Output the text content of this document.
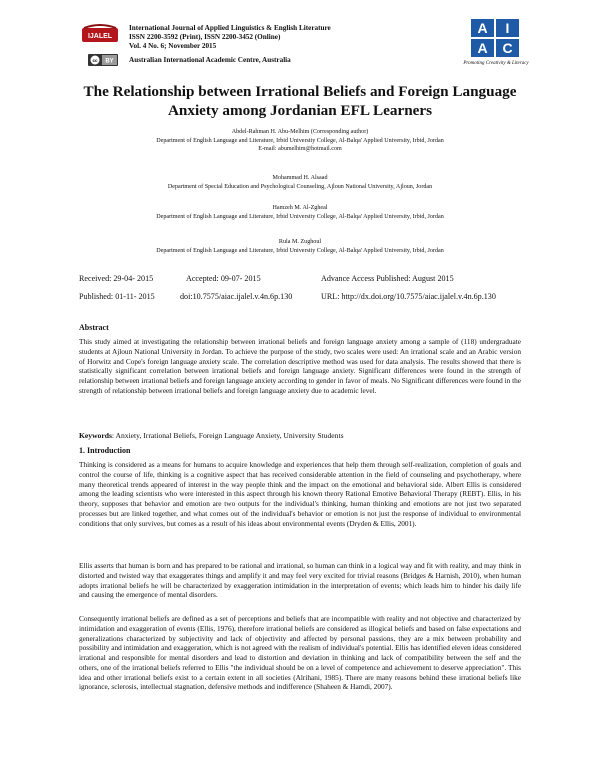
IJALEL
International Journal of Applied Linguistics & English Literature
ISSN 2200-3592 (Print), ISSN 2200-3452 (Online)
Vol. 4 No. 6; November 2015
cc BY Australian International Academic Centre, Australia
A I
A C
Promoting Creativity & Literacy
The Relationship between Irrational Beliefs and Foreign Language Anxiety among Jordanian EFL Learners
Abdel-Rahman H. Abu-Melhim (Corresponding author)
Department of English Language and Literature, Irbid University College, Al-Balqa' Applied University, Irbid, Jordan
E-mail: abumelhim@hotmail.com
Mohammad H. Alsaad
Department of Special Education and Psychological Counseling, Ajloun National University, Ajloun, Jordan
Hamzeh M. Al-Zgheal
Department of English Language and Literature, Irbid University College, Al-Balqa' Applied University, Irbid, Jordan
Rula M. Zughoul
Department of English Language and Literature, Irbid University College, Al-Balqa' Applied University, Irbid, Jordan
Received: 29-04- 2015	Accepted: 09-07- 2015	Advance Access Published: August 2015
Published: 01-11- 2015	doi:10.7575/aiac.ijalel.v.4n.6p.130	URL: http://dx.doi.org/10.7575/aiac.ijalel.v.4n.6p.130
Abstract
This study aimed at investigating the relationship between irrational beliefs and foreign language anxiety among a sample of (118) undergraduate students at Ajloun National University in Jordan. To achieve the purpose of the study, two scales were used: An irrational scale and an Arabic version of Horwitz and Cope's foreign language anxiety scale. The correlation descriptive method was used for data analysis. The results showed that there is statistically significant correlation between irrational beliefs and foreign language anxiety. Significant differences were found in the strength of relationship between irrational beliefs and foreign language anxiety according to gender in favor of meals. No Significant differences were found in the strength of relationship between irrational beliefs and foreign language anxiety due to academic level.
Keywords: Anxiety, Irrational Beliefs, Foreign Language Anxiety, University Students
1. Introduction
Thinking is considered as a means for humans to acquire knowledge and experiences that help them through self-realization, completion of goals and control the course of life, thinking is a cognitive aspect that has received considerable attention in the field of counseling and psychotherapy, where many theoretical trends appeared of interest in the way people think and the impact on the emotional and behavioral side. Albert Ellis is considered among the leading scientists who were interested in this aspect through his known theory Rational Emotive Behavioral Therapy (REBT). Ellis, in his theory, supposes that behavior and emotion are two outputs for the individual's thinking, human thinking and emotions are not just two separated processes but are linked together, and what comes out of the individual's behavior or emotion is not just the response of individual to environmental conditions that only survives, but comes as a result of his ideas about environmental events (Dryden & Ellis, 2001).
Ellis asserts that human is born and has prepared to be rational and irrational, so human can think in a logical way and fit with reality, and may think in distorted and twisted way that exaggerates things and amplify it and may feel very excited for trivial reasons (Bridges & Harnish, 2010), when human adopts irrational beliefs he will be characterized by exaggeration intimidation in the interpretation of events; which leads him to hinder his daily life and causing the emergence of mental disorders.
Consequently irrational beliefs are defined as a set of perceptions and beliefs that are incompatible with reality and not objective and characterized by intimidation and exaggeration of events (Ellis, 1976), therefore irrational beliefs are considered as illogical beliefs and based on false expectations and generalizations characterized by subjectivity and lack of objectivity and affected by personal passions, they are a mix between probability and possibility and intimidation and exaggeration, which is not agreed with the realism of individual's potential. Ellis has identified eleven ideas considered irrational and responsible for mental disorders and lead to distortion and deviation in thinking and lack of compatibility between the self and the others, one of the irrational beliefs referred to Ellis "the individual should be on a level of competence and achievement to deserve appreciation". This idea and other irrational beliefs exist to a certain extent in all societies (Alrihani, 1985). There are many reasons behind these irrational beliefs like ignorance, sclerosis, intellectual stagnation, defensive methods and indifference (Shaheen & Hamdi, 2007).
